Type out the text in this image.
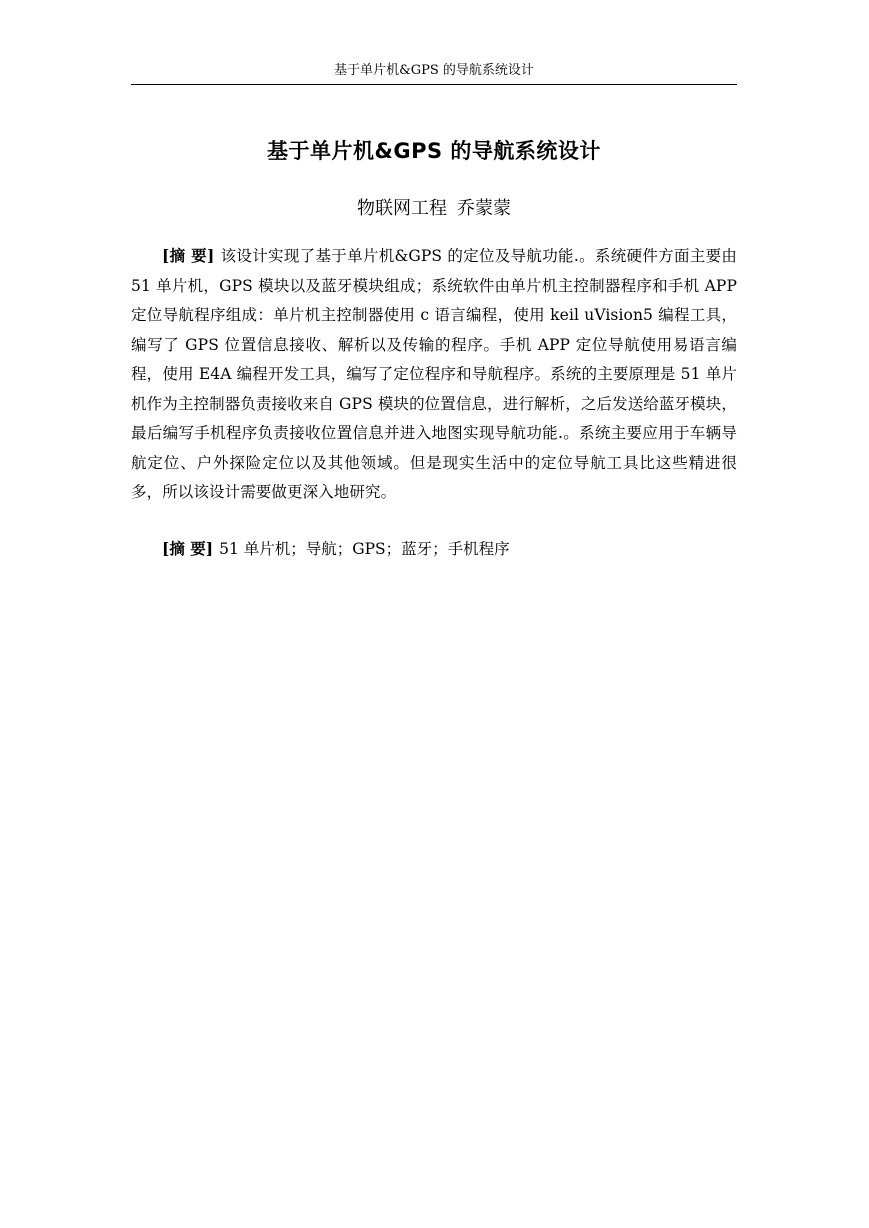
基于单片机&GPS 的导航系统设计
基于单片机&GPS 的导航系统设计
物联网工程 乔蒙蒙

[摘 要] 该设计实现了基于单片机&GPS 的定位及导航功能.。系统硬件方面主要由 51 单片机，GPS 模块以及蓝牙模块组成；系统软件由单片机主控制器程序和手机 APP 定位导航程序组成：单片机主控制器使用 c 语言编程，使用 keil uVision5 编程工具，编写了 GPS 位置信息接收、解析以及传输的程序。手机 APP 定位导航使用易语言编程，使用 E4A 编程开发工具，编写了定位程序和导航程序。系统的主要原理是 51 单片机作为主控制器负责接收来自 GPS 模块的位置信息，进行解析，之后发送给蓝牙模块，最后编写手机程序负责接收位置信息并进入地图实现导航功能.。系统主要应用于车辆导航定位、户外探险定位以及其他领域。但是现实生活中的定位导航工具比这些精进很多，所以该设计需要做更深入地研究。

[摘 要] 51 单片机；导航；GPS；蓝牙；手机程序
